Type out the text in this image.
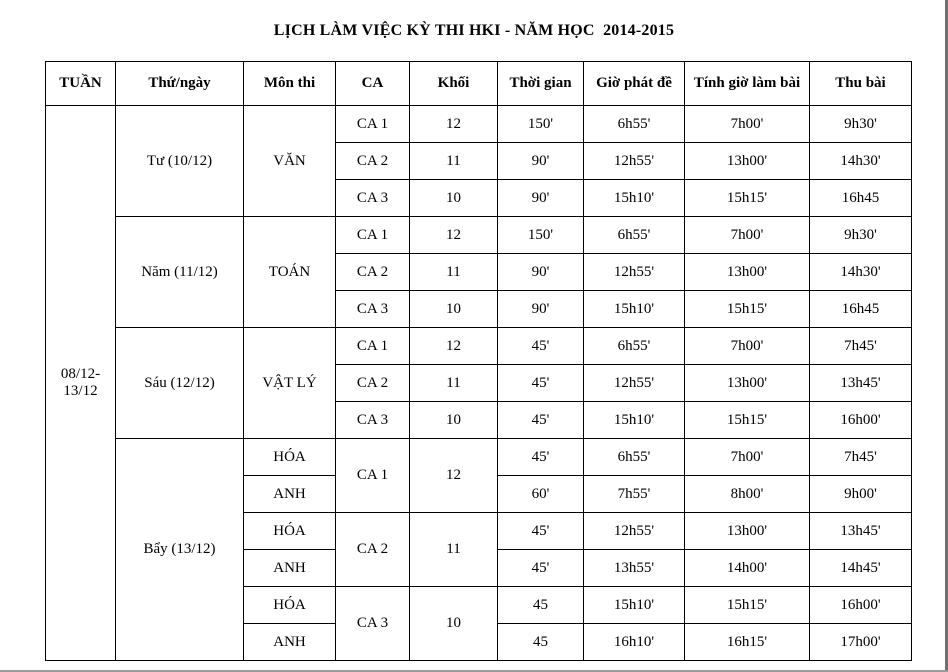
LỊCH LÀM VIỆC KỲ THI HKI - NĂM HỌC  2014-2015
TUẦN	Thứ/ngày	Môn thi	CA	Khối	Thời gian	Giờ phát đề	Tính giờ làm bài	Thu bài
08/12-13/12	Tư (10/12)	VĂN	CA 1	12	150'	6h55'	7h00'	9h30'
			CA 2	11	90'	12h55'	13h00'	14h30'
			CA 3	10	90'	15h10'	15h15'	16h45
	Năm (11/12)	TOÁN	CA 1	12	150'	6h55'	7h00'	9h30'
			CA 2	11	90'	12h55'	13h00'	14h30'
			CA 3	10	90'	15h10'	15h15'	16h45
	Sáu (12/12)	VẬT LÝ	CA 1	12	45'	6h55'	7h00'	7h45'
			CA 2	11	45'	12h55'	13h00'	13h45'
			CA 3	10	45'	15h10'	15h15'	16h00'
	Bẩy (13/12)	HÓA	CA 1	12	45'	6h55'	7h00'	7h45'
		ANH			60'	7h55'	8h00'	9h00'
		HÓA	CA 2	11	45'	12h55'	13h00'	13h45'
		ANH			45'	13h55'	14h00'	14h45'
		HÓA	CA 3	10	45	15h10'	15h15'	16h00'
		ANH			45	16h10'	16h15'	17h00'
